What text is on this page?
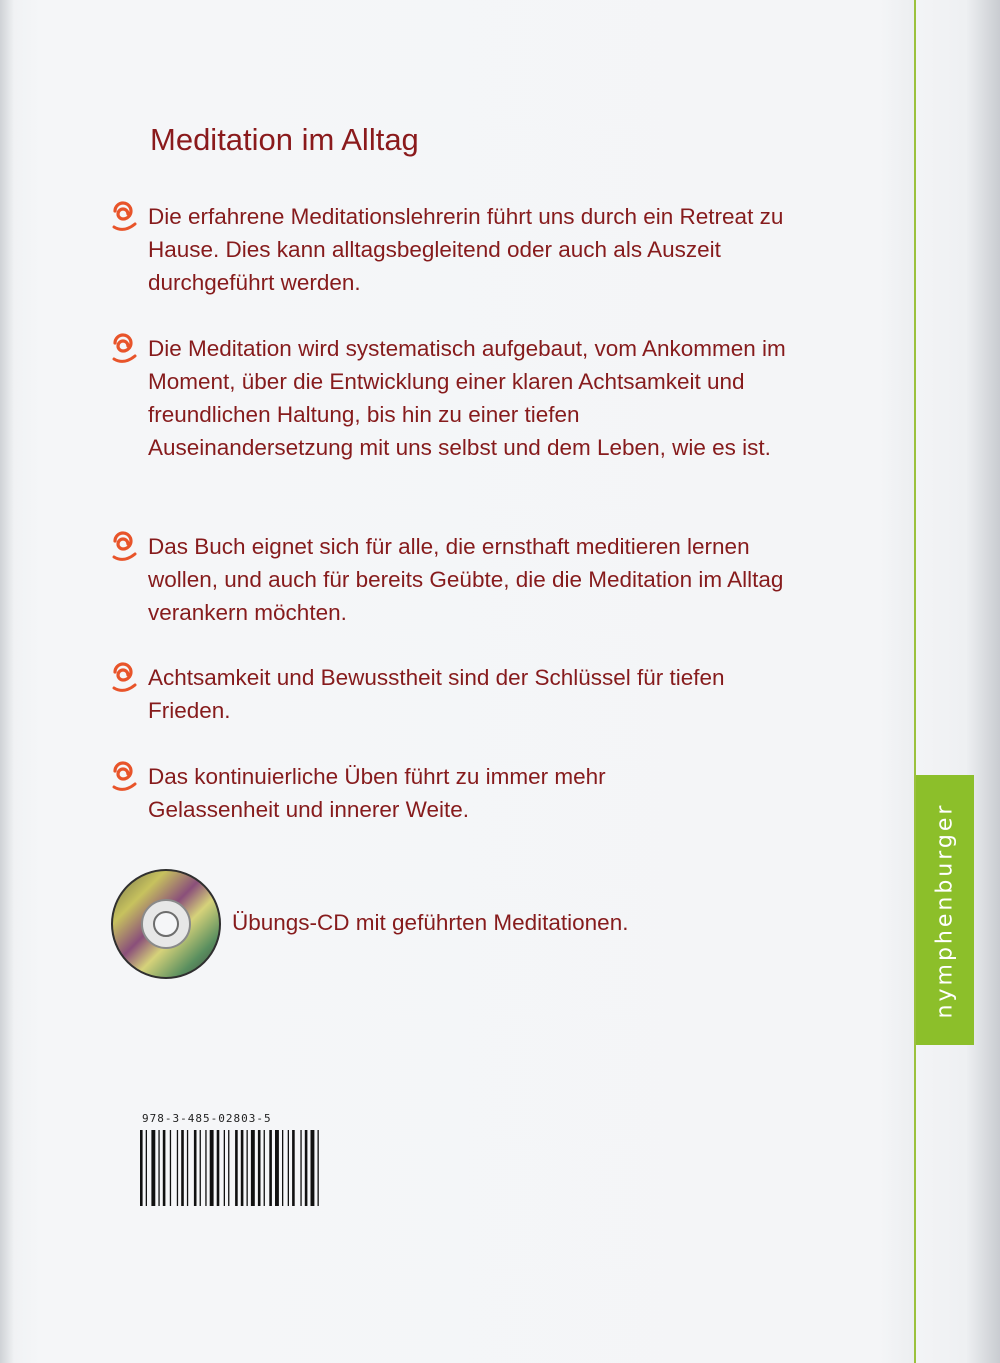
Meditation im Alltag
Die erfahrene Meditationslehrerin führt uns durch ein Retreat zu Hause. Dies kann alltagsbegleitend oder auch als Auszeit durchgeführt werden.
Die Meditation wird systematisch aufgebaut, vom Ankommen im Moment, über die Entwicklung einer klaren Achtsamkeit und freundlichen Haltung, bis hin zu einer tiefen Auseinandersetzung mit uns selbst und dem Leben, wie es ist.
Das Buch eignet sich für alle, die ernsthaft meditieren lernen wollen, und auch für bereits Geübte, die die Meditation im Alltag verankern möchten.
Achtsamkeit und Bewusstheit sind der Schlüssel für tiefen Frieden.
Das kontinuierliche Üben führt zu immer mehr Gelassenheit und innerer Weite.
Übungs-CD mit geführten Meditationen.
978-3-485-02803-5
nymphenburger
